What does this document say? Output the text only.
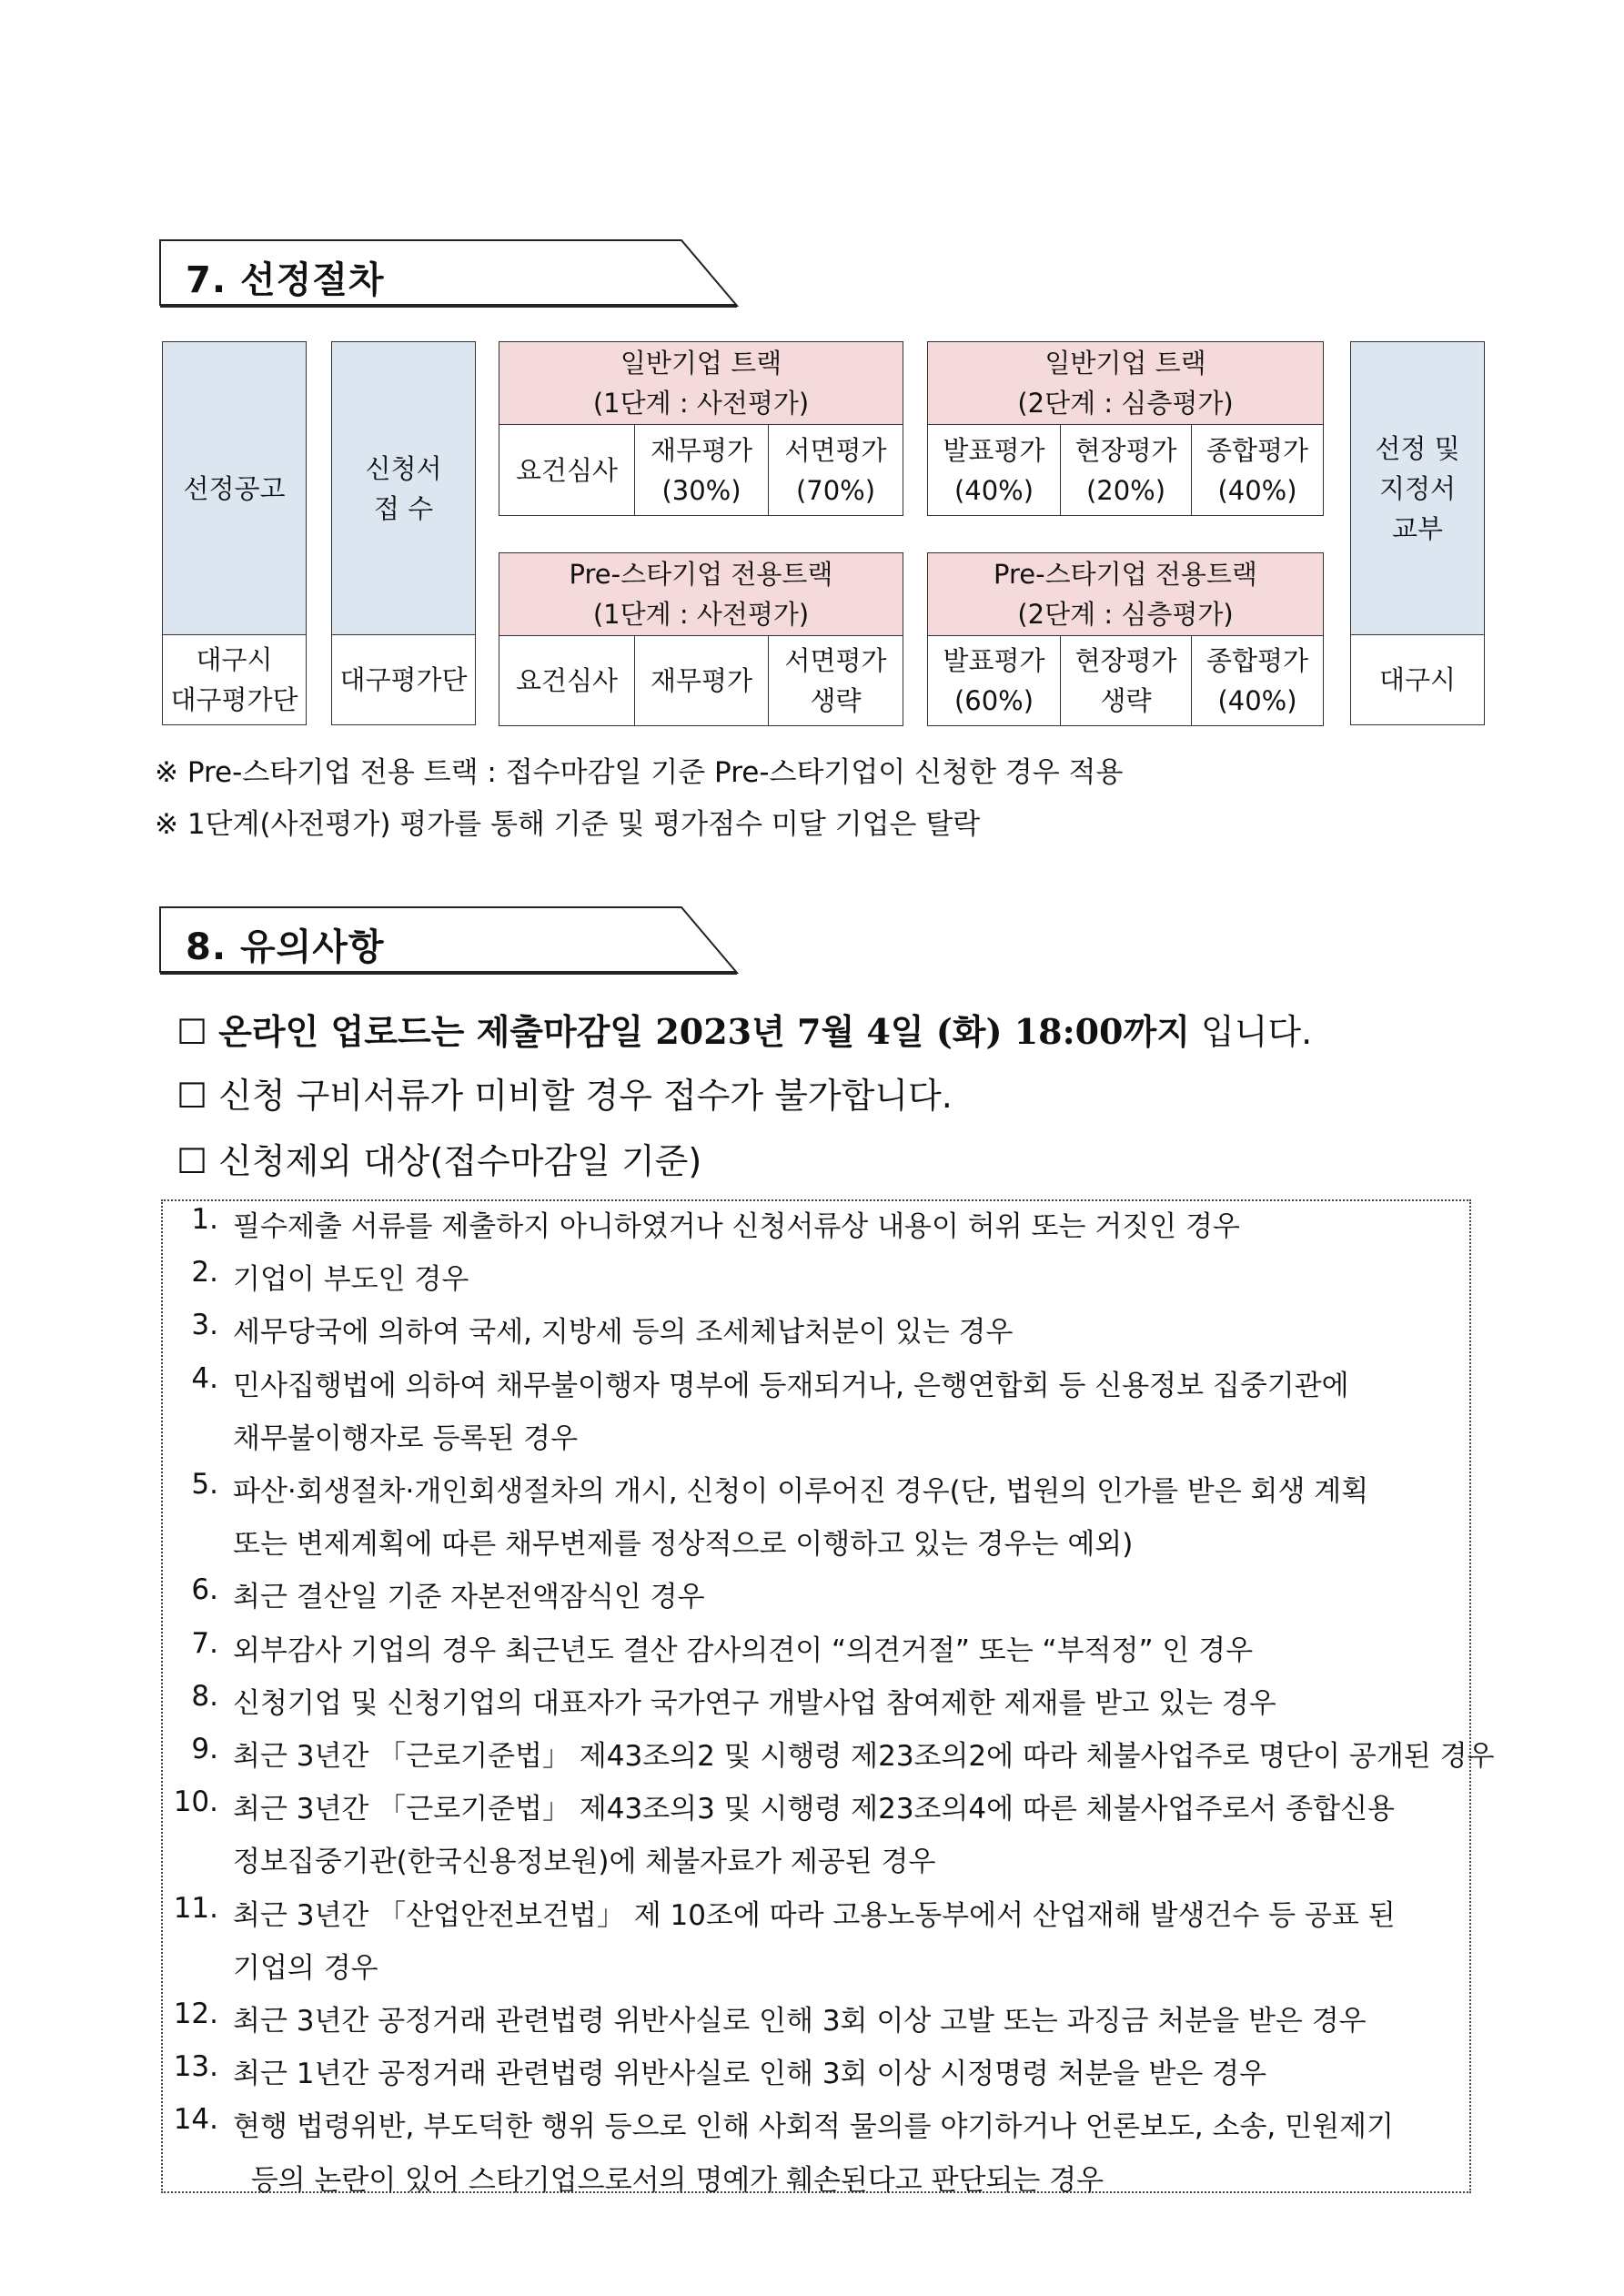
7. 선정절차
선정공고
대구시
대구평가단
신청서
접 수
대구평가단
일반기업 트랙
(1단계 : 사전평가)
요건심사
재무평가
(30%)
서면평가
(70%)
일반기업 트랙
(2단계 : 심층평가)
발표평가
(40%)
현장평가
(20%)
종합평가
(40%)
Pre-스타기업 전용트랙
(1단계 : 사전평가)
요건심사	재무평가
서면평가
생략
Pre-스타기업 전용트랙
(2단계 : 심층평가)
발표평가
(60%)
현장평가
생략
종합평가
(40%)
선정 및
지정서
교부
대구시
※ Pre-스타기업 전용 트랙 : 접수마감일 기준 Pre-스타기업이 신청한 경우 적용
※ 1단계(사전평가) 평가를 통해 기준 및 평가점수 미달 기업은 탈락
8. 유의사항
☐ 온라인 업로드는 제출마감일 2023년 7월 4일 (화) 18:00까지 입니다.
☐ 신청 구비서류가 미비할 경우 접수가 불가합니다.
☐ 신청제외 대상(접수마감일 기준)
1. 필수제출 서류를 제출하지 아니하였거나 신청서류상 내용이 허위 또는 거짓인 경우
2. 기업이 부도인 경우
3. 세무당국에 의하여 국세, 지방세 등의 조세체납처분이 있는 경우
4. 민사집행법에 의하여 채무불이행자 명부에 등재되거나, 은행연합회 등 신용정보 집중기관에
채무불이행자로 등록된 경우
5. 파산·회생절차·개인회생절차의 개시, 신청이 이루어진 경우(단, 법원의 인가를 받은 회생 계획
또는 변제계획에 따른 채무변제를 정상적으로 이행하고 있는 경우는 예외)
6. 최근 결산일 기준 자본전액잠식인 경우
7. 외부감사 기업의 경우 최근년도 결산 감사의견이 “의견거절” 또는 “부적정” 인 경우
8. 신청기업 및 신청기업의 대표자가 국가연구 개발사업 참여제한 제재를 받고 있는 경우
9. 최근 3년간 「근로기준법」 제43조의2 및 시행령 제23조의2에 따라 체불사업주로 명단이 공개된 경우
10. 최근 3년간 「근로기준법」 제43조의3 및 시행령 제23조의4에 따른 체불사업주로서 종합신용
정보집중기관(한국신용정보원)에 체불자료가 제공된 경우
11. 최근 3년간 「산업안전보건법」 제 10조에 따라 고용노동부에서 산업재해 발생건수 등 공표 된
기업의 경우
12. 최근 3년간 공정거래 관련법령 위반사실로 인해 3회 이상 고발 또는 과징금 처분을 받은 경우
13. 최근 1년간 공정거래 관련법령 위반사실로 인해 3회 이상 시정명령 처분을 받은 경우
14. 현행 법령위반, 부도덕한 행위 등으로 인해 사회적 물의를 야기하거나 언론보도, 소송, 민원제기
등의 논란이 있어 스타기업으로서의 명예가 훼손된다고 판단되는 경우
